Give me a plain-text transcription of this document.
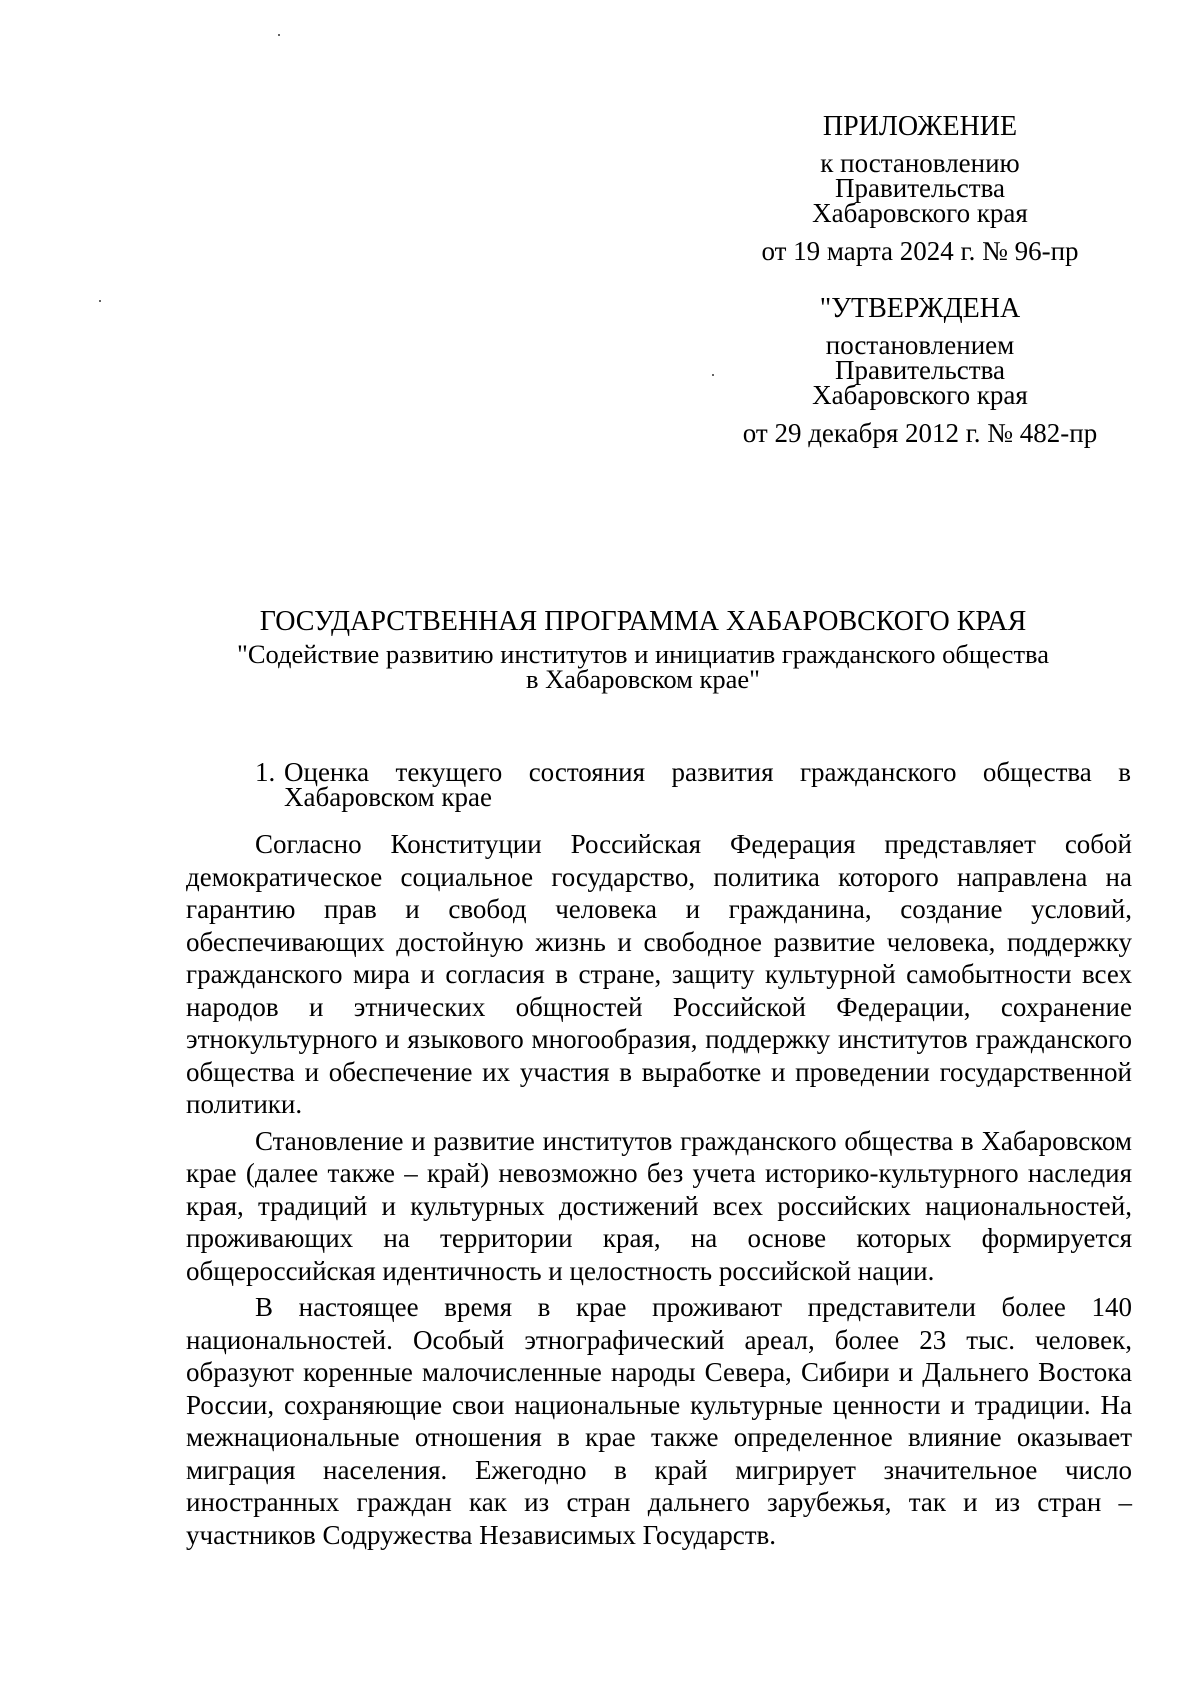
ПРИЛОЖЕНИЕ
к постановлению
Правительства
Хабаровского края
от 19 марта 2024 г. № 96-пр
"УТВЕРЖДЕНА
постановлением
Правительства
Хабаровского края
от 29 декабря 2012 г. № 482-пр
ГОСУДАРСТВЕННАЯ ПРОГРАММА ХАБАРОВСКОГО КРАЯ
"Содействие развитию институтов и инициатив гражданского общества
в Хабаровском крае"
1. Оценка текущего состояния развития гражданского общества в Хабаровском крае

Согласно Конституции Российская Федерация представляет собой демократическое социальное государство, политика которого направлена на гарантию прав и свобод человека и гражданина, создание условий, обеспечивающих достойную жизнь и свободное развитие человека, поддержку гражданского мира и согласия в стране, защиту культурной самобытности всех народов и этнических общностей Российской Федерации, сохранение этнокультурного и языкового многообразия, поддержку институтов гражданского общества и обеспечение их участия в выработке и проведении государственной политики.

Становление и развитие институтов гражданского общества в Хабаровском крае (далее также – край) невозможно без учета историко-культурного наследия края, традиций и культурных достижений всех российских национальностей, проживающих на территории края, на основе которых формируется общероссийская идентичность и целостность российской нации.

В настоящее время в крае проживают представители более 140 национальностей. Особый этнографический ареал, более 23 тыс. человек, образуют коренные малочисленные народы Севера, Сибири и Дальнего Востока России, сохраняющие свои национальные культурные ценности и традиции. На межнациональные отношения в крае также определенное влияние оказывает миграция населения. Ежегодно в край мигрирует значительное число иностранных граждан как из стран дальнего зарубежья, так и из стран – участников Содружества Независимых Государств.
